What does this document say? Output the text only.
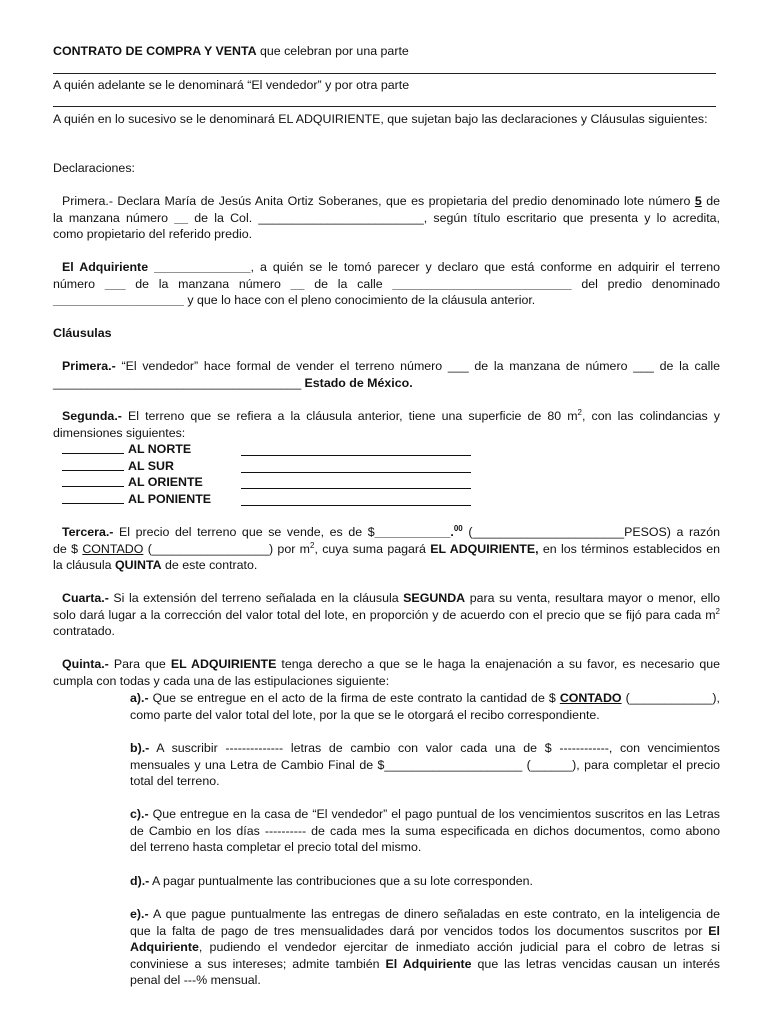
CONTRATO DE COMPRA Y VENTA que celebran por una parte
A quién adelante se le denominará “El vendedor” y por otra parte
A quién en lo sucesivo se le denominará EL ADQUIRIENTE, que sujetan bajo las declaraciones y Cláusulas siguientes:
Declaraciones:
Primera.- Declara María de Jesús Anita Ortiz Soberanes, que es propietaria del predio denominado lote número 5 de
la manzana número __ de la Col. ________________________, según título escritario que presenta y lo acredita,
como propietario del referido predio.
El Adquiriente ______________, a quién se le tomó parecer y declaro que está conforme en adquirir el terreno
número ___ de la manzana número __ de la calle __________________________ del predio denominado
___________________ y que lo hace con el pleno conocimiento de la cláusula anterior.
Cláusulas
Primera.- “El vendedor” hace formal de vender el terreno número ___ de la manzana de número ___ de la calle
____________________________________ Estado de México.
Segunda.- El terreno que se refiera a la cláusula anterior, tiene una superficie de 80 $m^2$, con las colindancias y
dimensiones siguientes:
AL NORTE
AL SUR
AL ORIENTE
AL PONIENTE
Tercera.- El precio del terreno que se vende, es de $___________.$^{00}$ (______________________PESOS) a razón
de $ CONTADO (_________________) por $m^2$, cuya suma pagará EL ADQUIRIENTE, en los términos establecidos en
la cláusula QUINTA de este contrato.
Cuarta.- Si la extensión del terreno señalada en la cláusula SEGUNDA para su venta, resultara mayor o menor, ello
solo dará lugar a la corrección del valor total del lote, en proporción y de acuerdo con el precio que se fijó para cada $m^2$
contratado.
Quinta.- Para que EL ADQUIRIENTE tenga derecho a que se le haga la enajenación a su favor, es necesario que
cumpla con todas y cada una de las estipulaciones siguiente:
a).- Que se entregue en el acto de la firma de este contrato la cantidad de $ CONTADO (____________),
como parte del valor total del lote, por la que se le otorgará el recibo correspondiente.
b).- A suscribir -------------- letras de cambio con valor cada una de $ ------------, con vencimientos
mensuales y una Letra de Cambio Final de $____________________ (______), para completar el precio
total del terreno.
c).- Que entregue en la casa de “El vendedor” el pago puntual de los vencimientos suscritos en las Letras
de Cambio en los días ---------- de cada mes la suma especificada en dichos documentos, como abono
del terreno hasta completar el precio total del mismo.
d).- A pagar puntualmente las contribuciones que a su lote corresponden.
e).- A que pague puntualmente las entregas de dinero señaladas en este contrato, en la inteligencia de
que la falta de pago de tres mensualidades dará por vencidos todos los documentos suscritos por El
Adquiriente, pudiendo el vendedor ejercitar de inmediato acción judicial para el cobro de letras si
conviniese a sus intereses; admite también El Adquiriente que las letras vencidas causan un interés
penal del ---% mensual.
